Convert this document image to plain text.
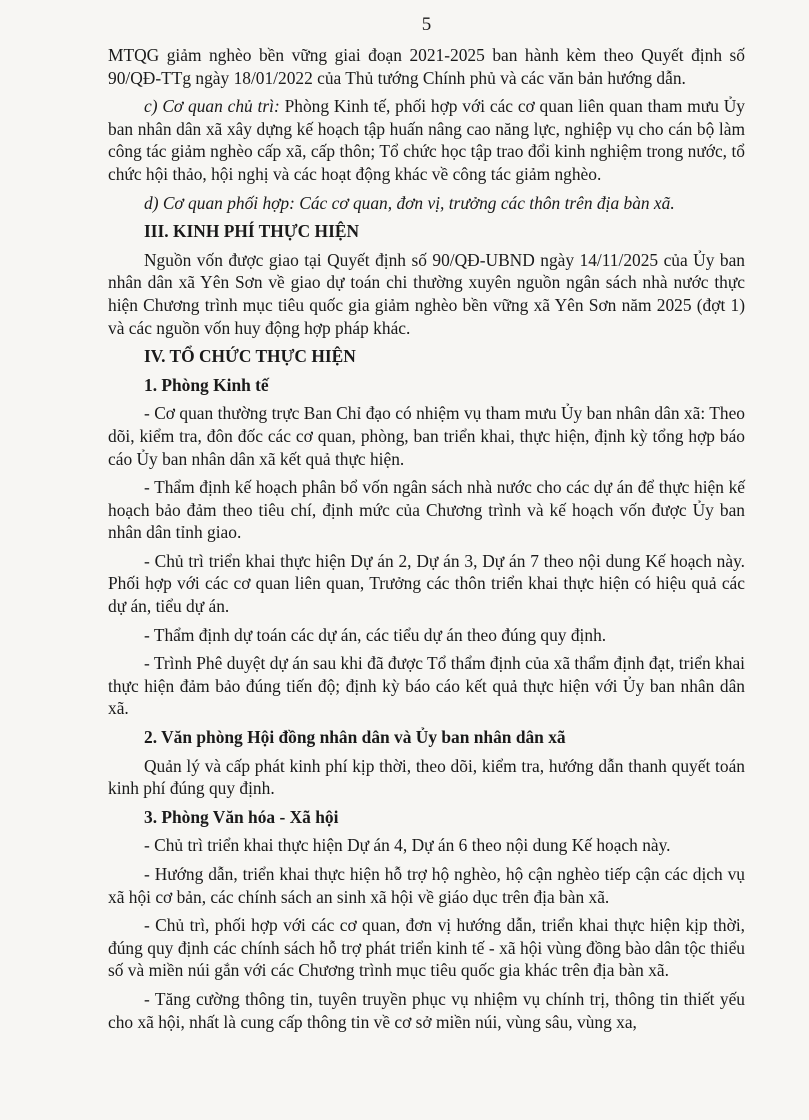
5

MTQG giảm nghèo bền vững giai đoạn 2021-2025 ban hành kèm theo Quyết định số 90/QĐ-TTg ngày 18/01/2022 của Thủ tướng Chính phủ và các văn bản hướng dẫn.

c) Cơ quan chủ trì: Phòng Kinh tế, phối hợp với các cơ quan liên quan tham mưu Ủy ban nhân dân xã xây dựng kế hoạch tập huấn nâng cao năng lực, nghiệp vụ cho cán bộ làm công tác giảm nghèo cấp xã, cấp thôn; Tổ chức học tập trao đổi kinh nghiệm trong nước, tổ chức hội thảo, hội nghị và các hoạt động khác về công tác giảm nghèo.

d) Cơ quan phối hợp: Các cơ quan, đơn vị, trưởng các thôn trên địa bàn xã.

III. KINH PHÍ THỰC HIỆN

Nguồn vốn được giao tại Quyết định số 90/QĐ-UBND ngày 14/11/2025 của Ủy ban nhân dân xã Yên Sơn về giao dự toán chi thường xuyên nguồn ngân sách nhà nước thực hiện Chương trình mục tiêu quốc gia giảm nghèo bền vững xã Yên Sơn năm 2025 (đợt 1) và các nguồn vốn huy động hợp pháp khác.

IV. TỔ CHỨC THỰC HIỆN

1. Phòng Kinh tế

- Cơ quan thường trực Ban Chỉ đạo có nhiệm vụ tham mưu Ủy ban nhân dân xã: Theo dõi, kiểm tra, đôn đốc các cơ quan, phòng, ban triển khai, thực hiện, định kỳ tổng hợp báo cáo Ủy ban nhân dân xã kết quả thực hiện.

- Thẩm định kế hoạch phân bổ vốn ngân sách nhà nước cho các dự án để thực hiện kế hoạch bảo đảm theo tiêu chí, định mức của Chương trình và kế hoạch vốn được Ủy ban nhân dân tỉnh giao.

- Chủ trì triển khai thực hiện Dự án 2, Dự án 3, Dự án 7 theo nội dung Kế hoạch này. Phối hợp với các cơ quan liên quan, Trưởng các thôn triển khai thực hiện có hiệu quả các dự án, tiểu dự án.

- Thẩm định dự toán các dự án, các tiểu dự án theo đúng quy định.

- Trình Phê duyệt dự án sau khi đã được Tổ thẩm định của xã thẩm định đạt, triển khai thực hiện đảm bảo đúng tiến độ; định kỳ báo cáo kết quả thực hiện với Ủy ban nhân dân xã.

2. Văn phòng Hội đồng nhân dân và Ủy ban nhân dân xã

Quản lý và cấp phát kinh phí kịp thời, theo dõi, kiểm tra, hướng dẫn thanh quyết toán kinh phí đúng quy định.

3. Phòng Văn hóa - Xã hội

- Chủ trì triển khai thực hiện Dự án 4, Dự án 6 theo nội dung Kế hoạch này.

- Hướng dẫn, triển khai thực hiện hỗ trợ hộ nghèo, hộ cận nghèo tiếp cận các dịch vụ xã hội cơ bản, các chính sách an sinh xã hội về giáo dục trên địa bàn xã.

- Chủ trì, phối hợp với các cơ quan, đơn vị hướng dẫn, triển khai thực hiện kịp thời, đúng quy định các chính sách hỗ trợ phát triển kinh tế - xã hội vùng đồng bào dân tộc thiểu số và miền núi gắn với các Chương trình mục tiêu quốc gia khác trên địa bàn xã.

- Tăng cường thông tin, tuyên truyền phục vụ nhiệm vụ chính trị, thông tin thiết yếu cho xã hội, nhất là cung cấp thông tin về cơ sở miền núi, vùng sâu, vùng xa,
